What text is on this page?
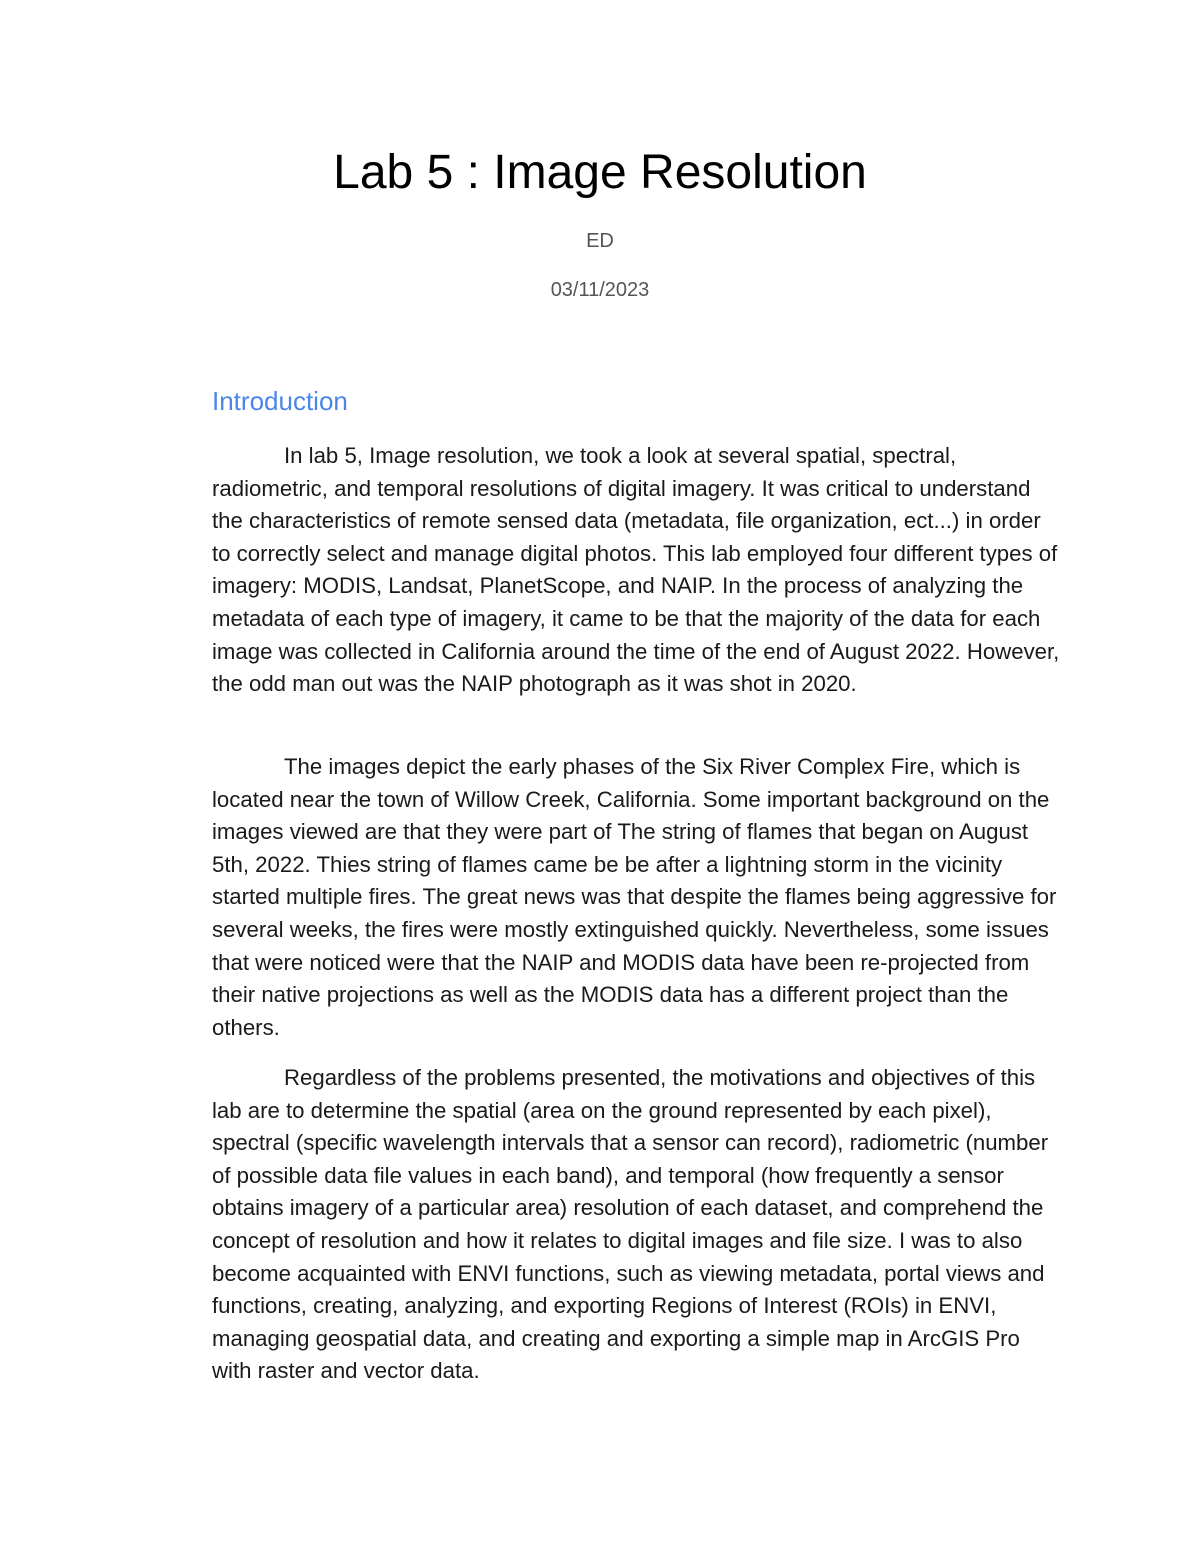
Lab 5 : Image Resolution
ED
03/11/2023
Introduction

In lab 5, Image resolution, we took a look at several spatial, spectral, radiometric, and temporal resolutions of digital imagery. It was critical to understand the characteristics of remote sensed data (metadata, file organization, ect...) in order to correctly select and manage digital photos. This lab employed four different types of imagery: MODIS, Landsat, PlanetScope, and NAIP. In the process of analyzing the metadata of each type of imagery, it came to be that the majority of the data for each image was collected in California around the time of the end of August 2022. However, the odd man out was the NAIP photograph as it was shot in 2020.

The images depict the early phases of the Six River Complex Fire, which is located near the town of Willow Creek, California. Some important background on the images viewed are that they were part of The string of flames that began on August 5th, 2022. Thies string of flames came be be after a lightning storm in the vicinity started multiple fires. The great news was that despite the flames being aggressive for several weeks, the fires were mostly extinguished quickly. Nevertheless, some issues that were noticed were that the NAIP and MODIS data have been re-projected from their native projections as well as the MODIS data has a different project than the others.

Regardless of the problems presented, the motivations and objectives of this lab are to determine the spatial (area on the ground represented by each pixel), spectral (specific wavelength intervals that a sensor can record), radiometric (number of possible data file values in each band), and temporal (how frequently a sensor obtains imagery of a particular area) resolution of each dataset, and comprehend the concept of resolution and how it relates to digital images and file size. I was to also become acquainted with ENVI functions, such as viewing metadata, portal views and functions, creating, analyzing, and exporting Regions of Interest (ROIs) in ENVI, managing geospatial data, and creating and exporting a simple map in ArcGIS Pro with raster and vector data.
